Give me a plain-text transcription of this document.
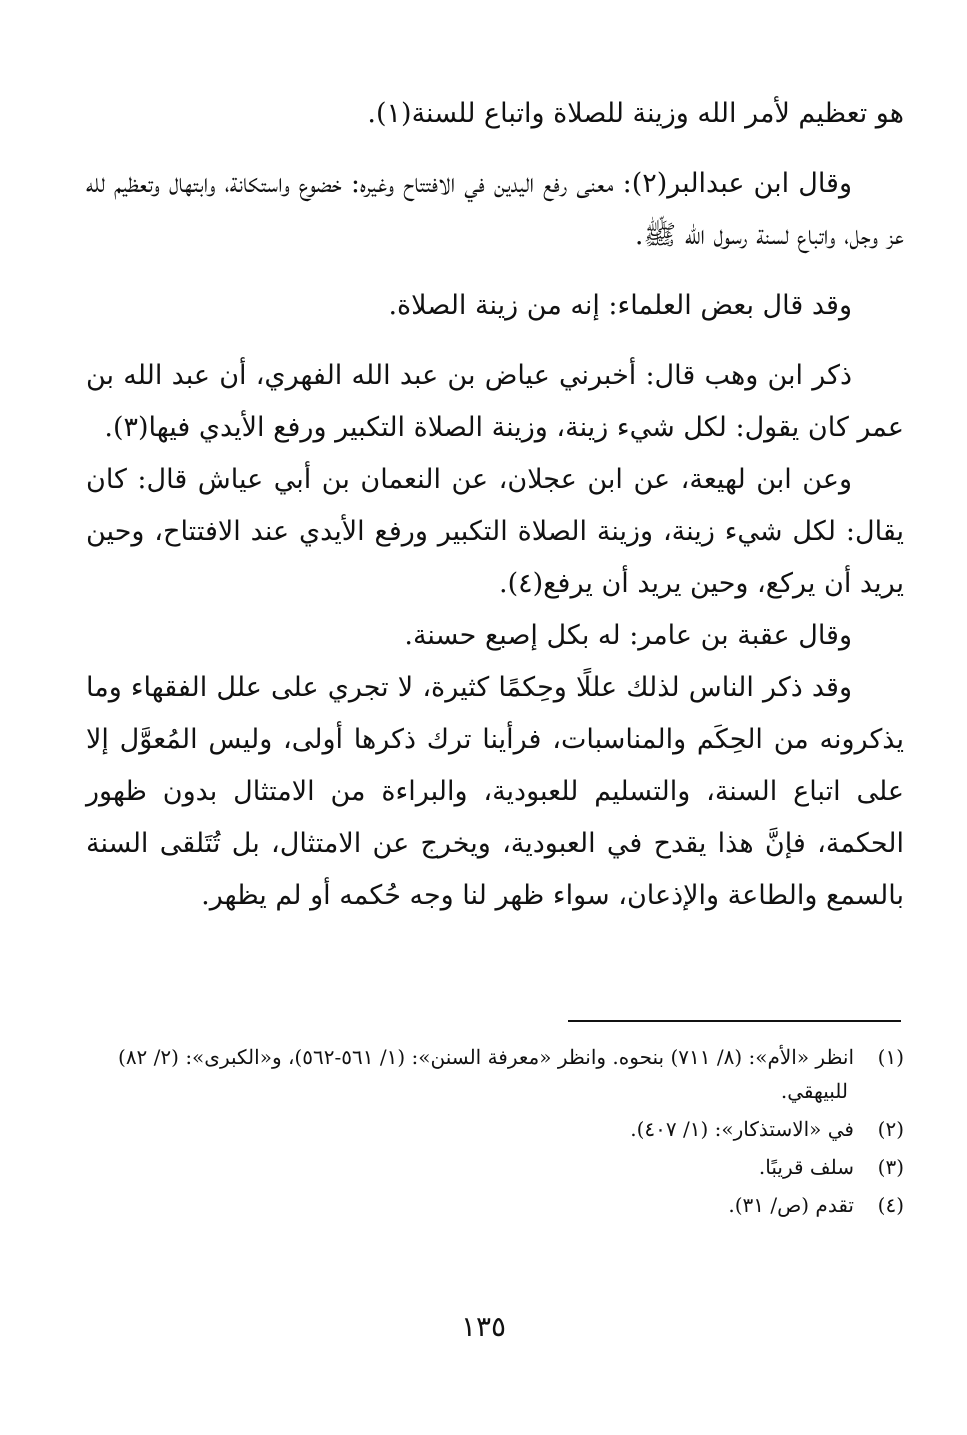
هو تعظيم لأمر الله وزينة للصلاة واتباع للسنة(١).

وقال ابن عبدالبر(٢): معنى رفع اليدين في الافتتاح وغيره: خضوع واستكانة، وابتهال وتعظيم لله عز وجل، واتباع لسنة رسول الله ﷺ.

وقد قال بعض العلماء: إنه من زينة الصلاة.

ذكر ابن وهب قال: أخبرني عياض بن عبد الله الفهري، أن عبد الله بن عمر كان يقول: لكل شيء زينة، وزينة الصلاة التكبير ورفع الأيدي فيها(٣).

وعن ابن لهيعة، عن ابن عجلان، عن النعمان بن أبي عياش قال: كان يقال: لكل شيء زينة، وزينة الصلاة التكبير ورفع الأيدي عند الافتتاح، وحين يريد أن يركع، وحين يريد أن يرفع(٤).

وقال عقبة بن عامر: له بكل إصبع حسنة.

وقد ذكر الناس لذلك عللًا وحِكمًا كثيرة، لا تجري على علل الفقهاء وما يذكرونه من الحِكَم والمناسبات، فرأينا ترك ذكرها أولى، وليس المُعوَّل إلا على اتباع السنة، والتسليم للعبودية، والبراءة من الامتثال بدون ظهور الحكمة، فإنَّ هذا يقدح في العبودية، ويخرج عن الامتثال، بل تُتَلقى السنة بالسمع والطاعة والإذعان، سواء ظهر لنا وجه حُكمه أو لم يظهر.

(١)انظر «الأم»: (٨/ ٧١١) بنحوه. وانظر «معرفة السنن»: (١/ ٥٦١-٥٦٢)، و«الكبرى»: (٢/ ٨٢) للبيهقي.

(٢)في «الاستذكار»: (١/ ٤٠٧).

(٣)سلف قريبًا.

(٤)تقدم (ص/ ٣١).

١٣٥
